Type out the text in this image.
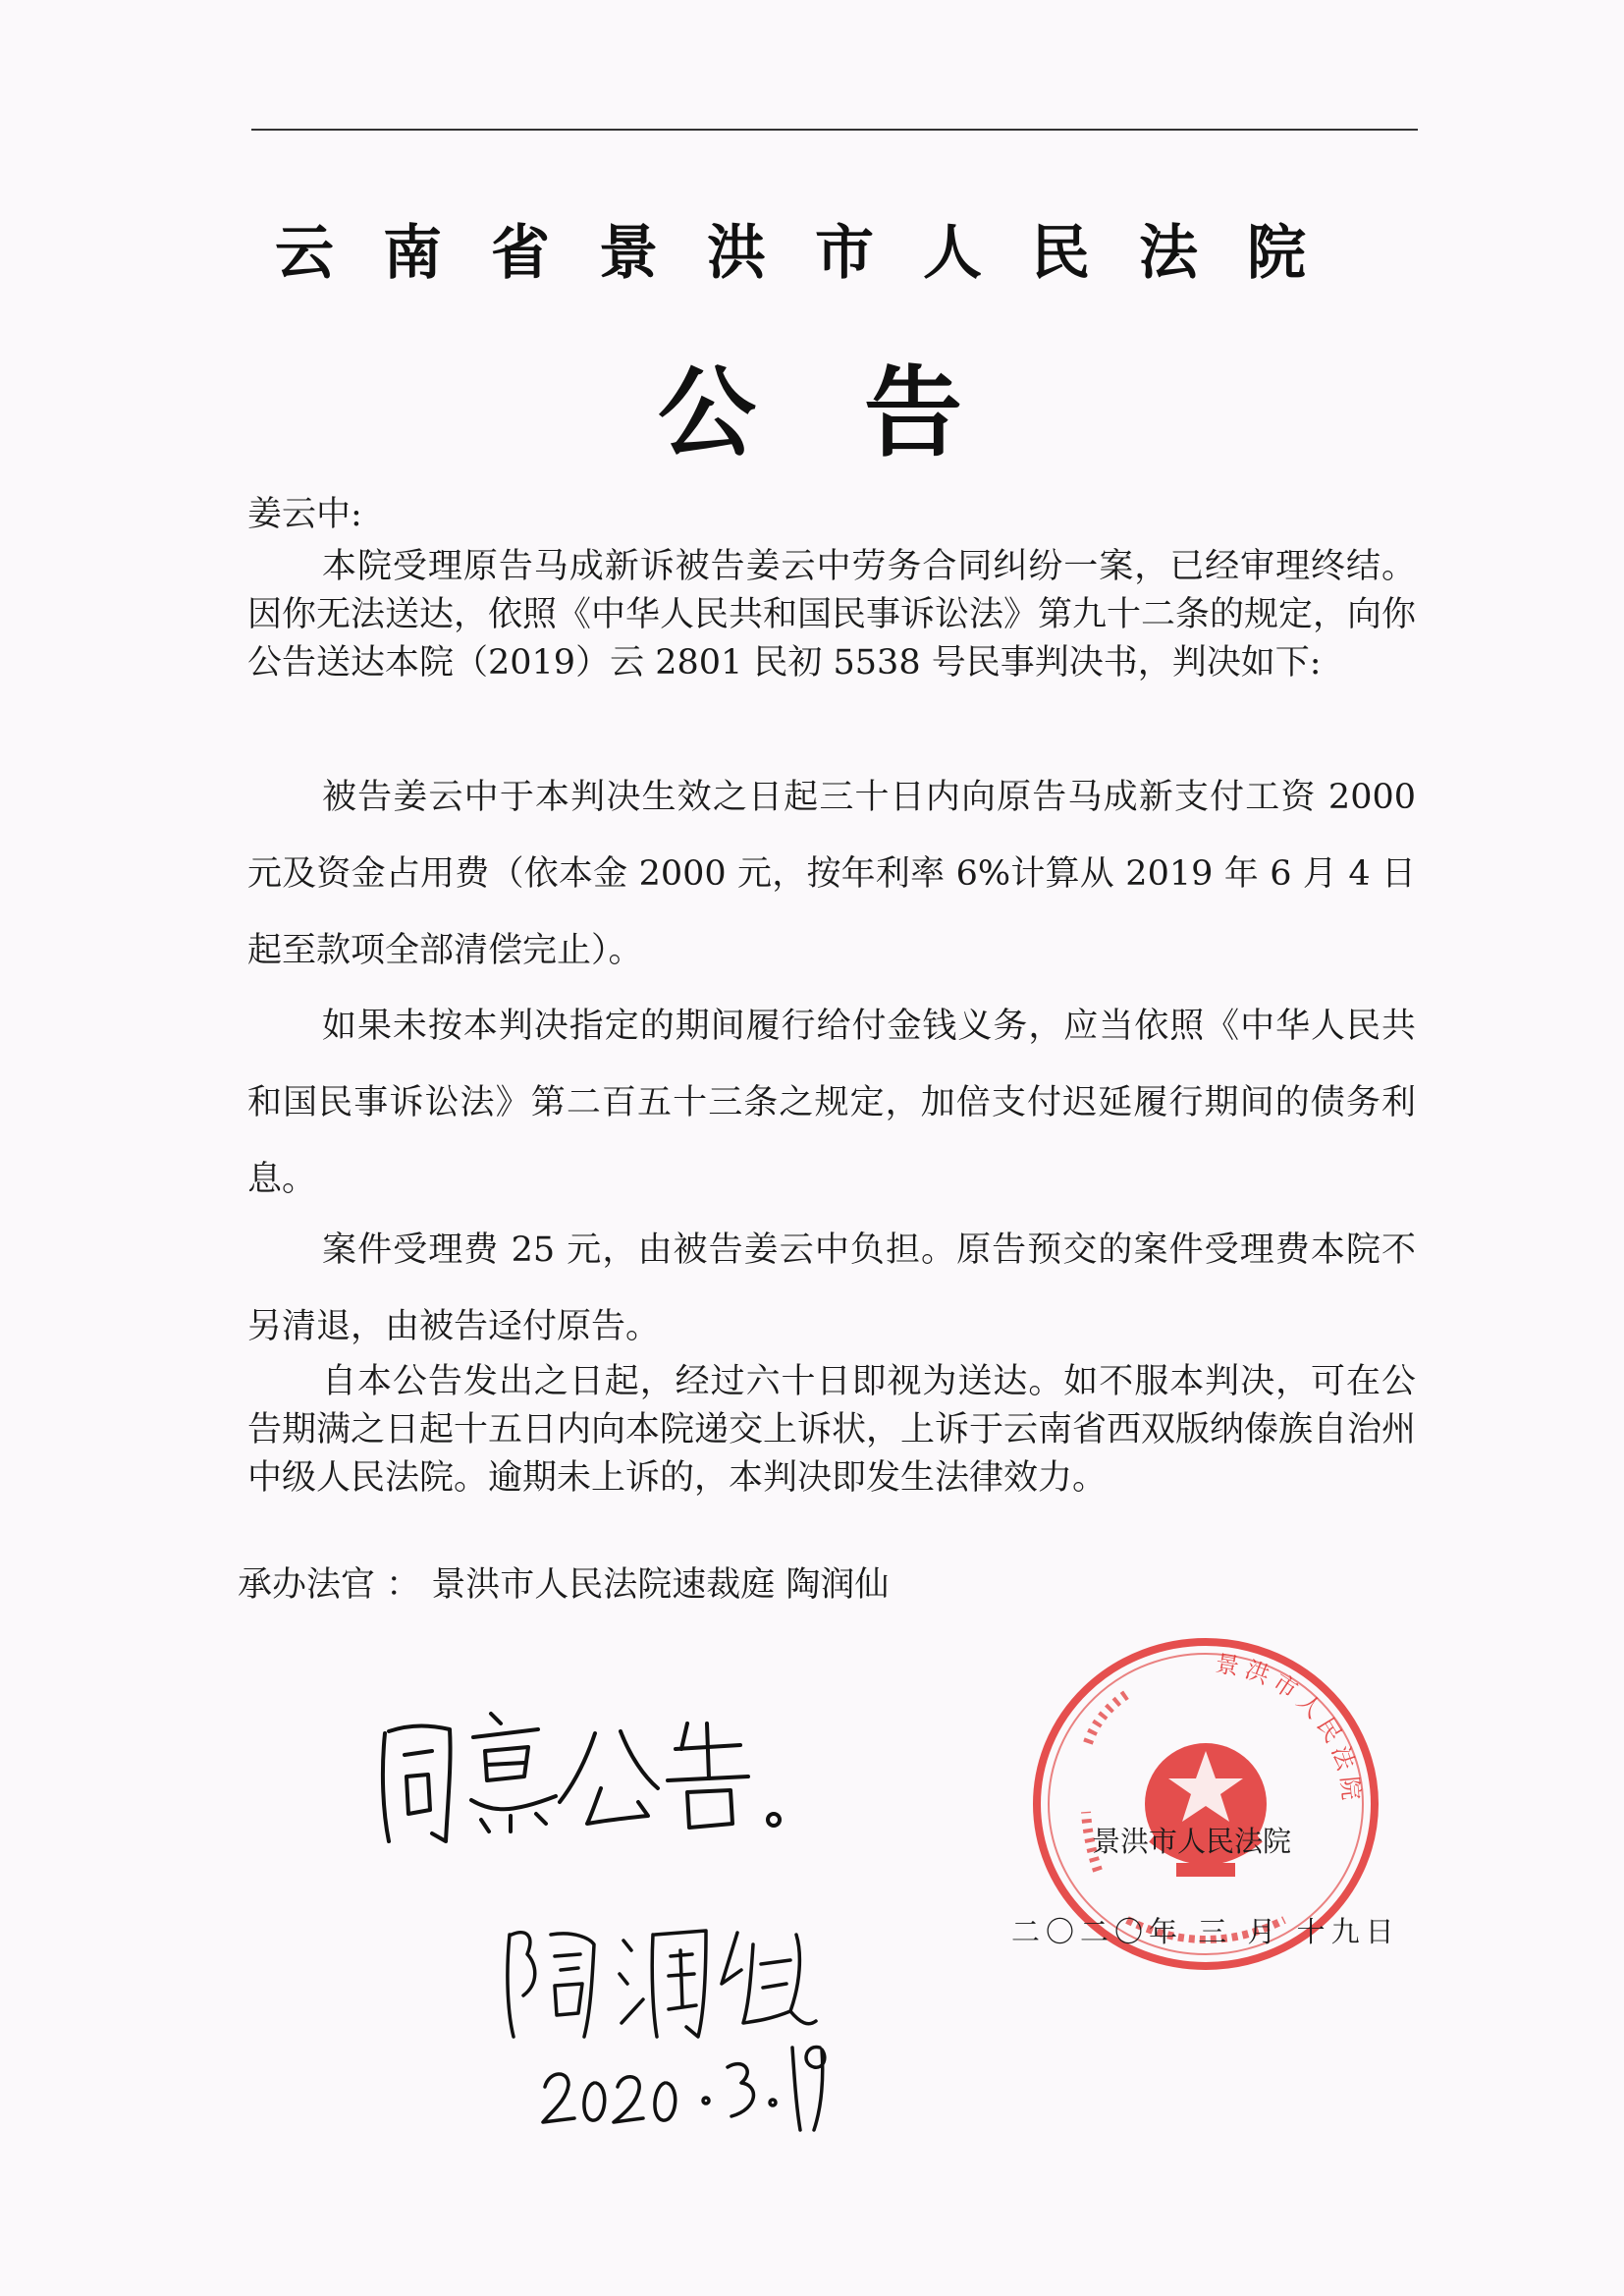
云南省景洪市人民法院
公告
姜云中:
本院受理原告马成新诉被告姜云中劳务合同纠纷一案，已经审理终结。因你无法送达，依照《中华人民共和国民事诉讼法》第九十二条的规定，向你公告送达本院（2019）云 2801 民初 5538 号民事判决书，判决如下:
被告姜云中于本判决生效之日起三十日内向原告马成新支付工资 2000 元及资金占用费（依本金 2000 元，按年利率 6%计算从 2019 年 6 月 4 日起至款项全部清偿完止）。
如果未按本判决指定的期间履行给付金钱义务，应当依照《中华人民共和国民事诉讼法》第二百五十三条之规定，加倍支付迟延履行期间的债务利息。
案件受理费 25 元，由被告姜云中负担。原告预交的案件受理费本院不另清退，由被告迳付原告。
自本公告发出之日起，经过六十日即视为送达。如不服本判决，可在公告期满之日起十五日内向本院递交上诉状，上诉于云南省西双版纳傣族自治州中级人民法院。逾期未上诉的，本判决即发生法律效力。
承办法官 ： 景洪市人民法院速裁庭 陶润仙
景洪市人民法院
景洪市人民法院
二〇二〇年 三 月 十九日
